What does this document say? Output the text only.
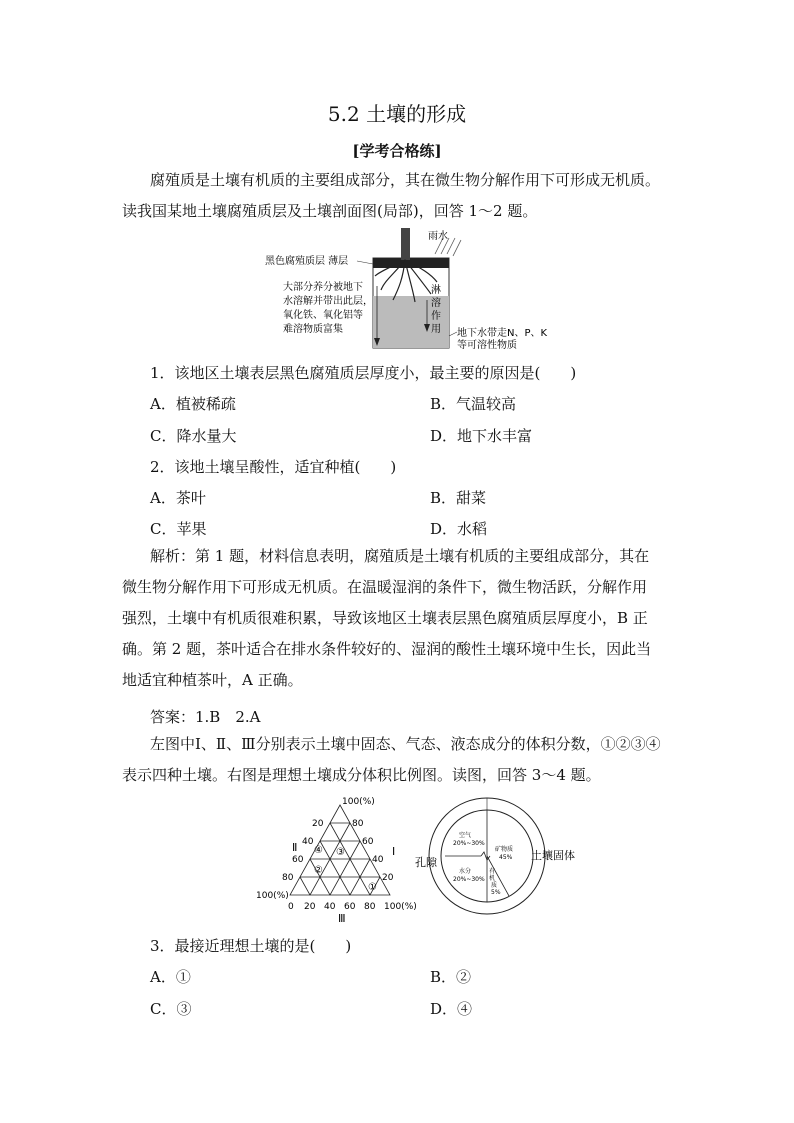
5.2 土壤的形成
[学考合格练]
腐殖质是土壤有机质的主要组成部分，其在微生物分解作用下可形成无机质。
读我国某地土壤腐殖质层及土壤剖面图(局部)，回答 1～2 题。
雨水
黑色腐殖质层 薄层
大部分养分被地下
水溶解并带出此层，
氧化铁、氧化铝等
难溶物质富集
淋
溶
作
用 地下水带走N、P、K
等可溶性物质
1．该地区土壤表层黑色腐殖质层厚度小，最主要的原因是(　　)
A．植被稀疏	B．气温较高
C．降水量大	D．地下水丰富
2．该地土壤呈酸性，适宜种植(　　)
A．茶叶	B．甜菜
C．苹果	D．水稻
解析：第 1 题，材料信息表明，腐殖质是土壤有机质的主要组成部分，其在
微生物分解作用下可形成无机质。在温暖湿润的条件下，微生物活跃，分解作用
强烈，土壤中有机质很难积累，导致该地区土壤表层黑色腐殖质层厚度小，B 正
确。第 2 题，茶叶适合在排水条件较好的、湿润的酸性土壤环境中生长，因此当
地适宜种植茶叶，A 正确。
答案：1.B　2.A
左图中Ⅰ、Ⅱ、Ⅲ分别表示土壤中固态、气态、液态成分的体积分数，①②③④
表示四种土壤。右图是理想土壤成分体积比例图。读图，回答 3～4 题。
100(%)
20
40
60
80
80
60
40
20
100(%)
0 20 40 60 80 100(%)
Ⅱ	Ⅰ
Ⅲ
④ ③
②
①
空气
20%~30%
水分
20%~30%
矿物质
45%
有
机
质
5%
孔隙
土壤固体
3．最接近理想土壤的是(　　)
A．①	B．②
C．③	D．④
